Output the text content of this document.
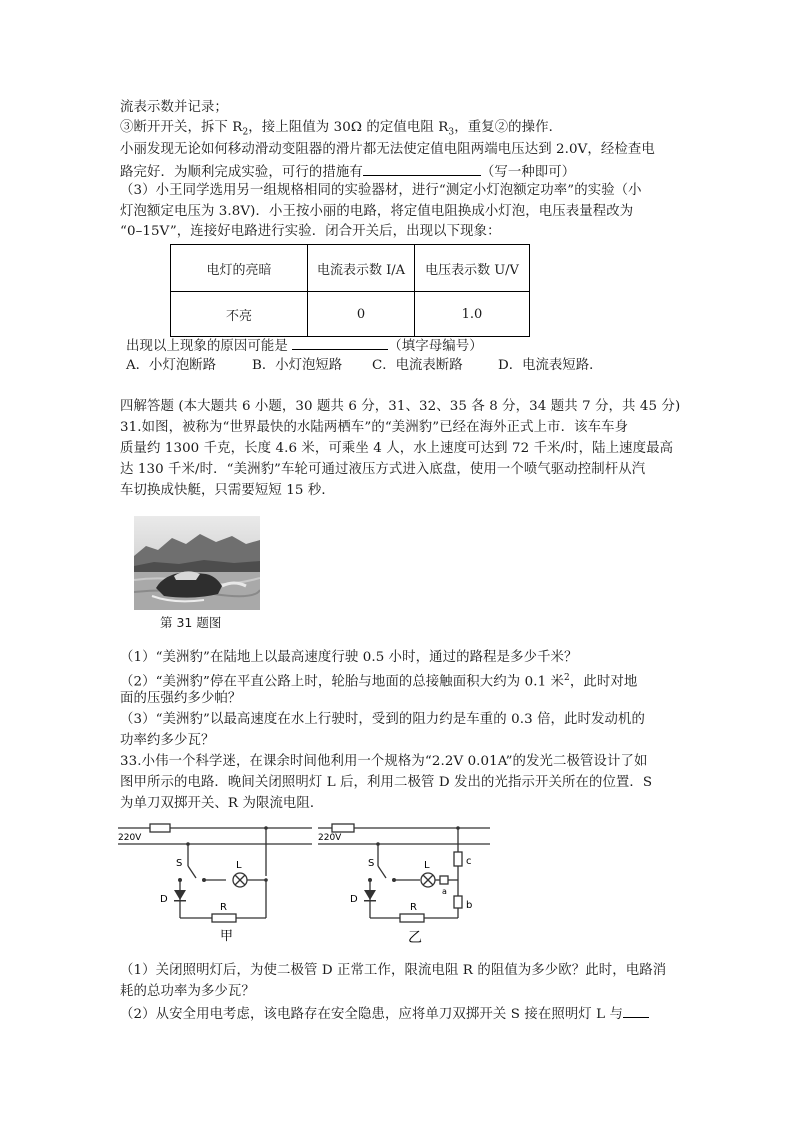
流表示数并记录；
③断开开关，拆下 $R_2$，接上阻值为 30Ω 的定值电阻 $R_3$，重复②的操作．
小丽发现无论如何移动滑动变阻器的滑片都无法使定值电阻两端电压达到 2.0V，经检查电
路完好．为顺利完成实验，可行的措施有	（写一种即可）
（3）小王同学选用另一组规格相同的实验器材，进行“测定小灯泡额定功率”的实验（小
灯泡额定电压为 3.8V)．小王按小丽的电路，将定值电阻换成小灯泡，电压表量程改为
“0–15V”，连接好电路进行实验．闭合开关后，出现以下现象：
电灯的亮暗	电流表示数 I/A	电压表示数 U/V
不亮	0	1.0
出现以上现象的原因可能是	（填字母编号）
A．小灯泡断路	B．小灯泡短路 C．电流表断路	D．电流表短路．
四解答题 (本大题共 6 小题，30 题共 6 分，31、32、35 各 8 分，34 题共 7 分，共 45 分)
31.如图，被称为“世界最快的水陆两栖车”的“美洲豹”已经在海外正式上市．该车车身
质量约 1300 千克，长度 4.6 米，可乘坐 4 人，水上速度可达到 72 千米/时，陆上速度最高
达 130 千米/时．“美洲豹”车轮可通过液压方式进入底盘，使用一个喷气驱动控制杆从汽
车切换成快艇，只需要短短 15 秒．
第 31 题图
（1）“美洲豹”在陆地上以最高速度行驶 0.5 小时，通过的路程是多少千米？
（2）“美洲豹”停在平直公路上时，轮胎与地面的总接触面积大约为 0.1 米$^2$，此时对地
面的压强约多少帕？
（3）“美洲豹”以最高速度在水上行驶时，受到的阻力约是车重的 0.3 倍，此时发动机的
功率约多少瓦？
33.小伟一个科学迷，在课余时间他利用一个规格为“2.2V 0.01A”的发光二极管设计了如
图甲所示的电路．晚间关闭照明灯 L 后，利用二极管 D 发出的光指示开关所在的位置．S
为单刀双掷开关、R 为限流电阻．
220V
S	L
D
R
甲
220V
S	L
D
R
a
b
c
乙
（1）关闭照明灯后，为使二极管 D 正常工作，限流电阻 R 的阻值为多少欧？此时，电路消
耗的总功率为多少瓦？
（2）从安全用电考虑，该电路存在安全隐患，应将单刀双掷开关 S 接在照明灯 L 与
